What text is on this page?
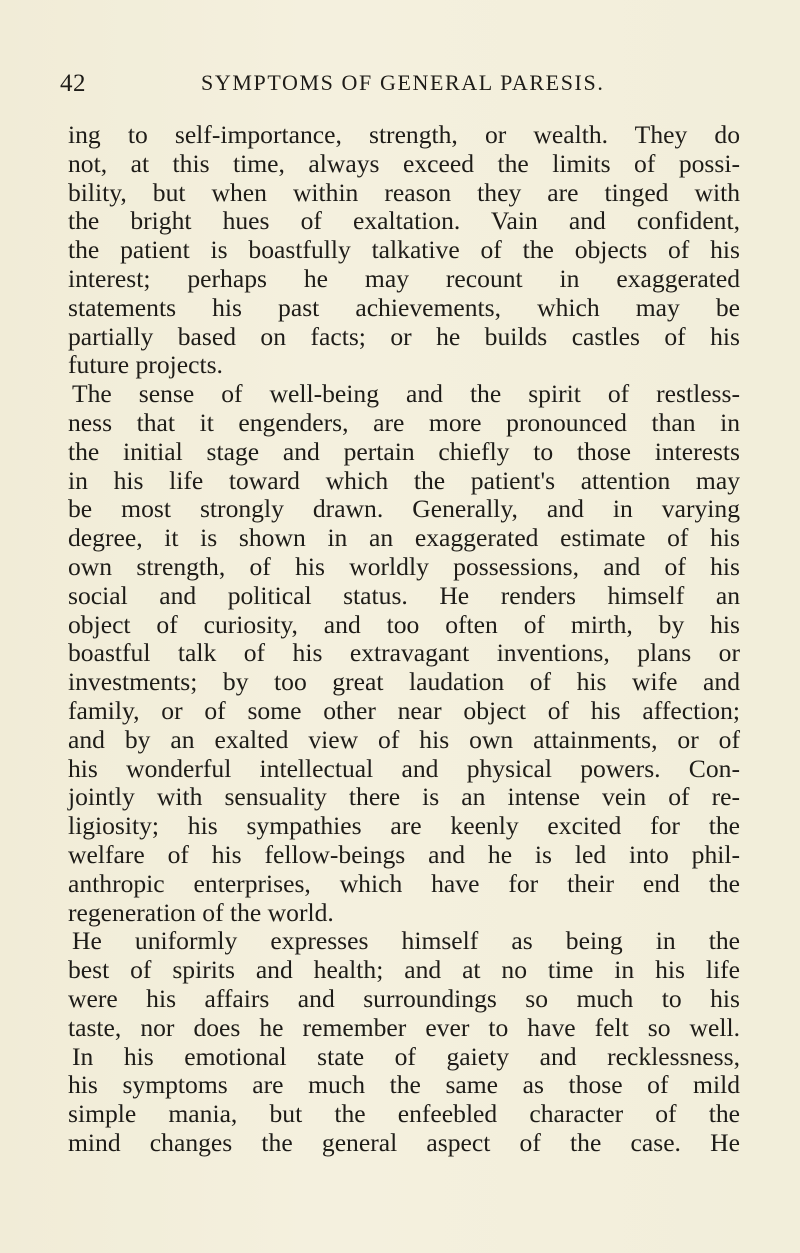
42	SYMPTOMS OF GENERAL PARESIS.
ing to self-importance, strength, or wealth. They do
not, at this time, always exceed the limits of possi-
bility, but when within reason they are tinged with
the bright hues of exaltation. Vain and confident,
the patient is boastfully talkative of the objects of his
interest; perhaps he may recount in exaggerated
statements his past achievements, which may be
partially based on facts; or he builds castles of his
future projects.
The sense of well-being and the spirit of restless-
ness that it engenders, are more pronounced than in
the initial stage and pertain chiefly to those interests
in his life toward which the patient's attention may
be most strongly drawn. Generally, and in varying
degree, it is shown in an exaggerated estimate of his
own strength, of his worldly possessions, and of his
social and political status. He renders himself an
object of curiosity, and too often of mirth, by his
boastful talk of his extravagant inventions, plans or
investments; by too great laudation of his wife and
family, or of some other near object of his affection;
and by an exalted view of his own attainments, or of
his wonderful intellectual and physical powers. Con-
jointly with sensuality there is an intense vein of re-
ligiosity; his sympathies are keenly excited for the
welfare of his fellow-beings and he is led into phil-
anthropic enterprises, which have for their end the
regeneration of the world.
He uniformly expresses himself as being in the
best of spirits and health; and at no time in his life
were his affairs and surroundings so much to his
taste, nor does he remember ever to have felt so well.
In his emotional state of gaiety and recklessness,
his symptoms are much the same as those of mild
simple mania, but the enfeebled character of the
mind changes the general aspect of the case. He
